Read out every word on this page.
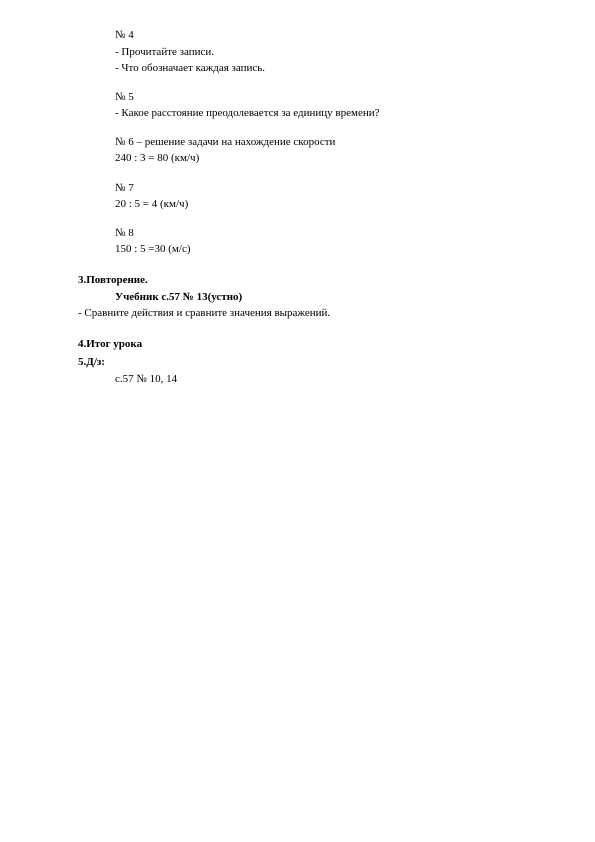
№ 4
- Прочитайте записи.
- Что обозначает каждая запись.
№ 5
- Какое расстояние преодолевается за единицу времени?
№ 6 – решение задачи на нахождение скорости
240 : 3 = 80 (км/ч)
№ 7
20 : 5 = 4 (км/ч)
№ 8
150 : 5 =30 (м/с)
3.Повторение.
Учебник с.57 № 13(устно)
- Сравните действия и сравните значения выражений.
4.Итог урока
5.Д/з:
с.57 № 10, 14
